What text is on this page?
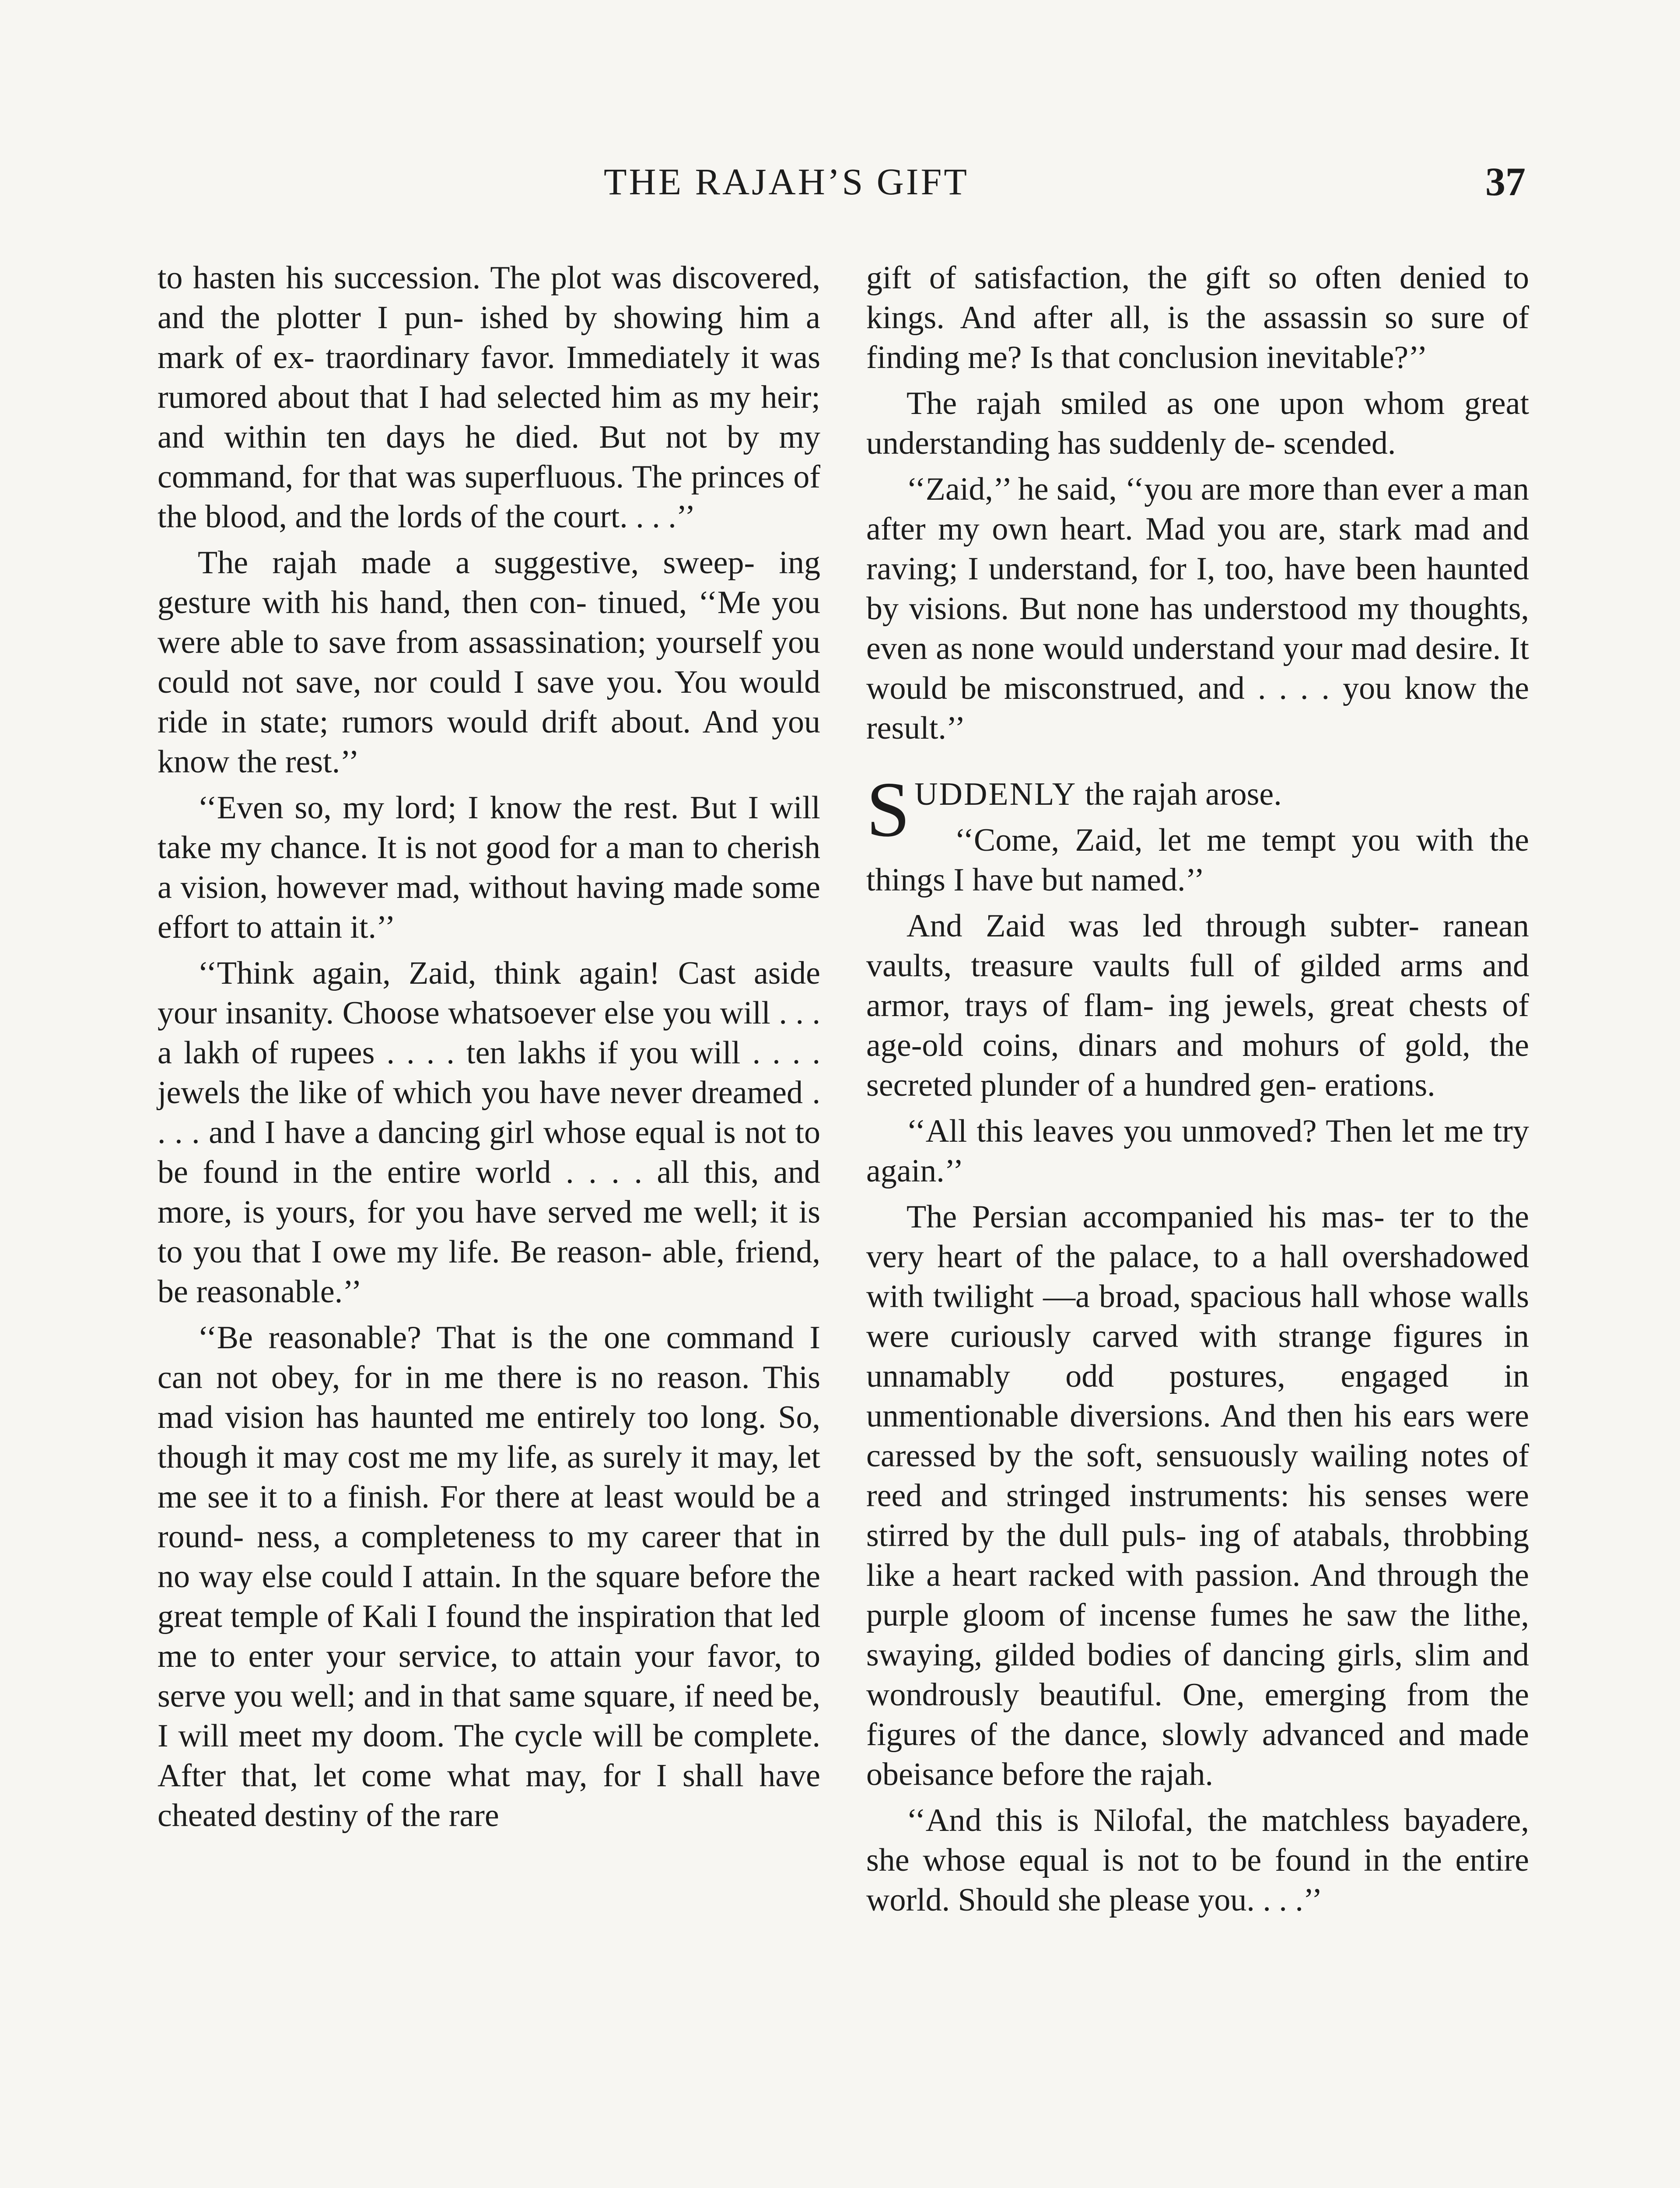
THE RAJAH’S GIFT	37

to hasten his succession. The plot was discovered, and the plotter I pun- ished by showing him a mark of ex- traordinary favor. Immediately it was rumored about that I had selected him as my heir; and within ten days he died. But not by my command, for that was superfluous. The princes of the blood, and the lords of the court. . . .’’

The rajah made a suggestive, sweep- ing gesture with his hand, then con- tinued, ‘‘Me you were able to save from assassination; yourself you could not save, nor could I save you. You would ride in state; rumors would drift about. And you know the rest.’’

‘‘Even so, my lord; I know the rest. But I will take my chance. It is not good for a man to cherish a vision, however mad, without having made some effort to attain it.’’

‘‘Think again, Zaid, think again! Cast aside your insanity. Choose whatsoever else you will . . . a lakh of rupees . . . . ten lakhs if you will . . . . jewels the like of which you have never dreamed . . . . and I have a dancing girl whose equal is not to be found in the entire world . . . . all this, and more, is yours, for you have served me well; it is to you that I owe my life. Be reason- able, friend, be reasonable.’’

‘‘Be reasonable? That is the one command I can not obey, for in me there is no reason. This mad vision has haunted me entirely too long. So, though it may cost me my life, as surely it may, let me see it to a finish. For there at least would be a round- ness, a completeness to my career that in no way else could I attain. In the square before the great temple of Kali I found the inspiration that led me to enter your service, to attain your favor, to serve you well; and in that same square, if need be, I will meet my doom. The cycle will be complete. After that, let come what may, for I shall have cheated destiny of the rare

gift of satisfaction, the gift so often denied to kings. And after all, is the assassin so sure of finding me? Is that conclusion inevitable?’’

The rajah smiled as one upon whom great understanding has suddenly de- scended.

‘‘Zaid,’’ he said, ‘‘you are more than ever a man after my own heart. Mad you are, stark mad and raving; I understand, for I, too, have been haunted by visions. But none has understood my thoughts, even as none would understand your mad desire. It would be misconstrued, and . . . . you know the result.’’

SUDDENLY the rajah arose.

‘‘Come, Zaid, let me tempt you with the things I have but named.’’

And Zaid was led through subter- ranean vaults, treasure vaults full of gilded arms and armor, trays of flam- ing jewels, great chests of age-old coins, dinars and mohurs of gold, the secreted plunder of a hundred gen- erations.

‘‘All this leaves you unmoved? Then let me try again.’’

The Persian accompanied his mas- ter to the very heart of the palace, to a hall overshadowed with twilight —a broad, spacious hall whose walls were curiously carved with strange figures in unnamably odd postures, engaged in unmentionable diversions. And then his ears were caressed by the soft, sensuously wailing notes of reed and stringed instruments: his senses were stirred by the dull puls- ing of atabals, throbbing like a heart racked with passion. And through the purple gloom of incense fumes he saw the lithe, swaying, gilded bodies of dancing girls, slim and wondrously beautiful. One, emerging from the figures of the dance, slowly advanced and made obeisance before the rajah.

‘‘And this is Nilofal, the matchless bayadere, she whose equal is not to be found in the entire world. Should she please you. . . .’’
